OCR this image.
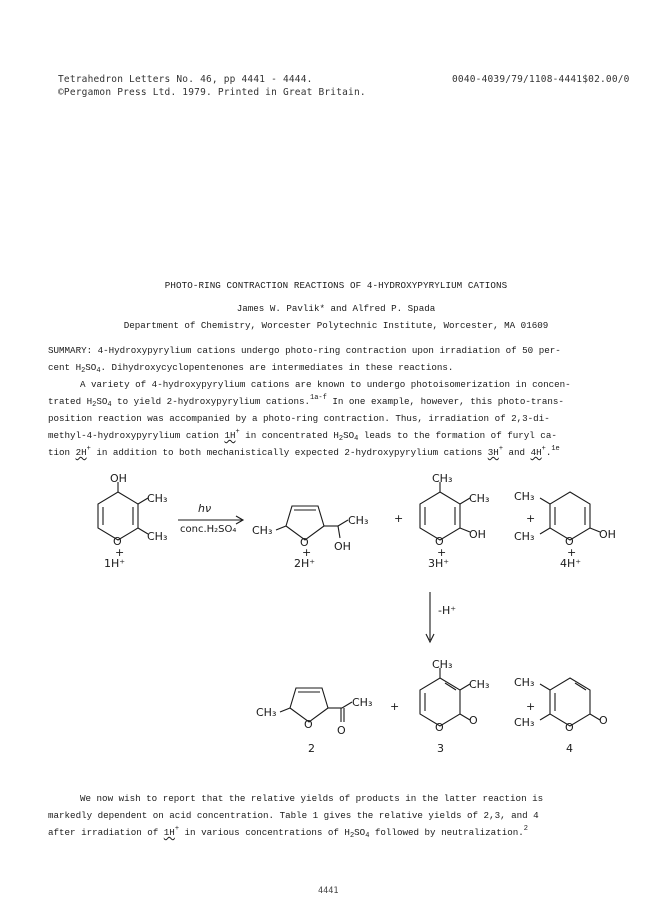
Tetrahedron Letters No. 46, pp 4441 - 4444.
©Pergamon Press Ltd. 1979. Printed in Great Britain.
0040-4039/79/1108-4441$02.00/0
PHOTO-RING CONTRACTION REACTIONS OF 4-HYDROXYPYRYLIUM CATIONS
James W. Pavlik* and Alfred P. Spada
Department of Chemistry, Worcester Polytechnic Institute, Worcester, MA 01609
SUMMARY: 4-Hydroxypyrylium cations undergo photo-ring contraction upon irradiation of 50 per-
cent $H_2SO_4$. Dihydroxycyclopentenones are intermediates in these reactions.
A variety of 4-hydroxypyrylium cations are known to undergo photoisomerization in concen-
trated $H_2SO_4$ to yield 2-hydroxypyrylium cations.$^{1a-f}$ In one example, however, this photo-trans-
position reaction was accompanied by a photo-ring contraction. Thus, irradiation of 2,3-di-
methyl-4-hydroxypyrylium cation 1H+ in concentrated $H_2SO_4$ leads to the formation of furyl ca-
tion 2H+ in addition to both mechanistically expected 2-hydroxypyrylium cations 3H+ and 4H+.$^{1e}$
OH
CH₃
CH₃
O
+
1H⁺
hν
conc.H₂SO₄ CH₃
O
+
CH₃
OH
2H⁺
+
CH₃
CH₃
OH
O
+
3H⁺
+
CH₃
CH₃	OH
O
+
4H⁺
-H⁺
CH₃
O
CH₃
O
2
+
CH₃
CH₃
O
O
3
+
CH₃
CH₃	O
O
4
We now wish to report that the relative yields of products in the latter reaction is
markedly dependent on acid concentration. Table 1 gives the relative yields of 2,3, and 4
after irradiation of 1H+ in various concentrations of $H_2SO_4$ followed by neutralization.$^2$
4441
